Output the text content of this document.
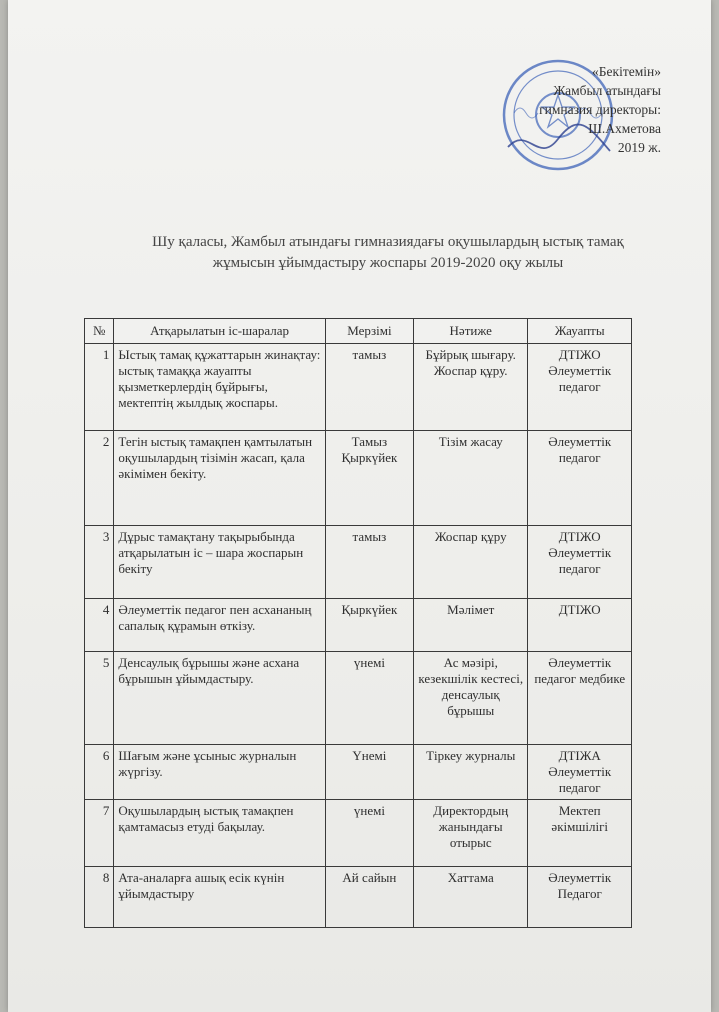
«Бекітемін»
Жамбыл атындағы
гимназия директоры:
Ш.Ахметова
2019 ж.
Шу қаласы, Жамбыл атындағы гимназиядағы оқушылардың ыстық тамақ
жұмысын ұйымдастыру жоспары 2019-2020 оқу жылы
№	Атқарылатын іс-шаралар	Мерзімі	Нәтиже	Жауапты
1	Ыстық тамақ құжаттарын жинақтау: ыстық тамаққа жауапты қызметкерлердің бұйрығы, мектептің жылдық жоспары.	тамыз	Бұйрық шығару. Жоспар құру.	ДТІЖО Әлеуметтік педагог
2	Тегін ыстық тамақпен қамтылатын оқушылардың тізімін жасап, қала әкімімен бекіту.	Тамыз Қыркүйек	Тізім жасау	Әлеуметтік педагог
3	Дұрыс тамақтану тақырыбында атқарылатын іс – шара жоспарын бекіту	тамыз	Жоспар құру	ДТІЖО Әлеуметтік педагог
4	Әлеуметтік педагог пен асхананың сапалық құрамын өткізу.	Қыркүйек	Мәлімет	ДТІЖО
5	Денсаулық бұрышы және асхана бұрышын ұйымдастыру.	үнемі	Ас мәзірі, кезекшілік кестесі, денсаулық бұрышы	Әлеуметтік педагог медбике
6	Шағым және ұсыныс журналын жүргізу.	Үнемі	Тіркеу журналы	ДТІЖА Әлеуметтік педагог
7	Оқушылардың ыстық тамақпен қамтамасыз етуді бақылау.	үнемі	Директордың жанындағы отырыс	Мектеп әкімшілігі
8	Ата-аналарға ашық есік күнін ұйымдастыру	Ай сайын	Хаттама	Әлеуметтік Педагог
